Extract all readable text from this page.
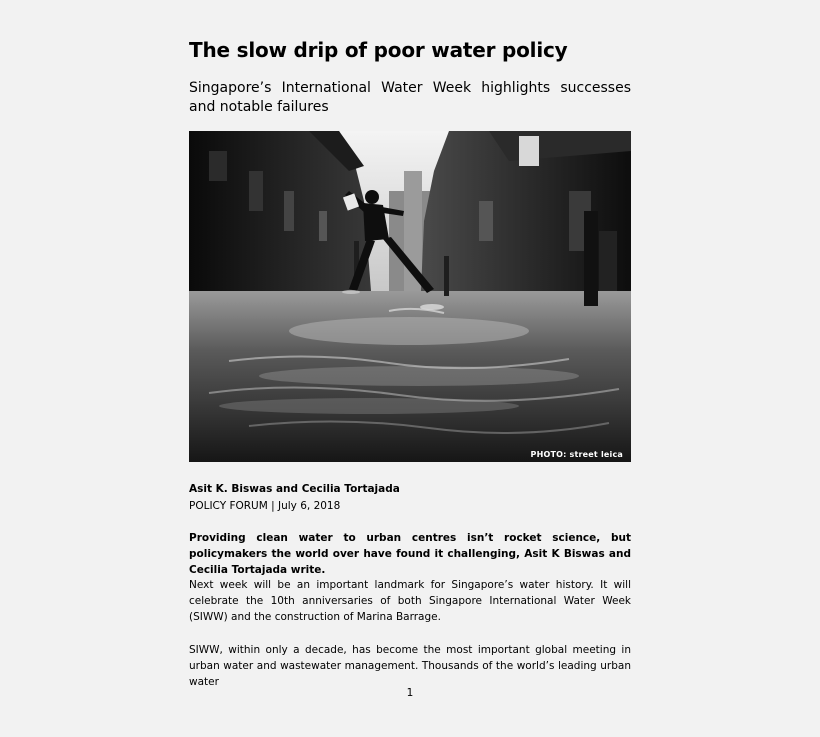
The slow drip of poor water policy

Singapore’s International Water Week highlights successes and notable failures

PHOTO: street leica

Asit K. Biswas and Cecilia Tortajada

POLICY FORUM | July 6, 2018

Providing clean water to urban centres isn’t rocket science, but policymakers the world over have found it challenging, Asit K Biswas and Cecilia Tortajada write.

Next week will be an important landmark for Singapore’s water history. It will celebrate the 10th anniversaries of both Singapore International Water Week (SIWW) and the construction of Marina Barrage.

SIWW, within only a decade, has become the most important global meeting in urban water and wastewater management. Thousands of the world’s leading urban water

1
